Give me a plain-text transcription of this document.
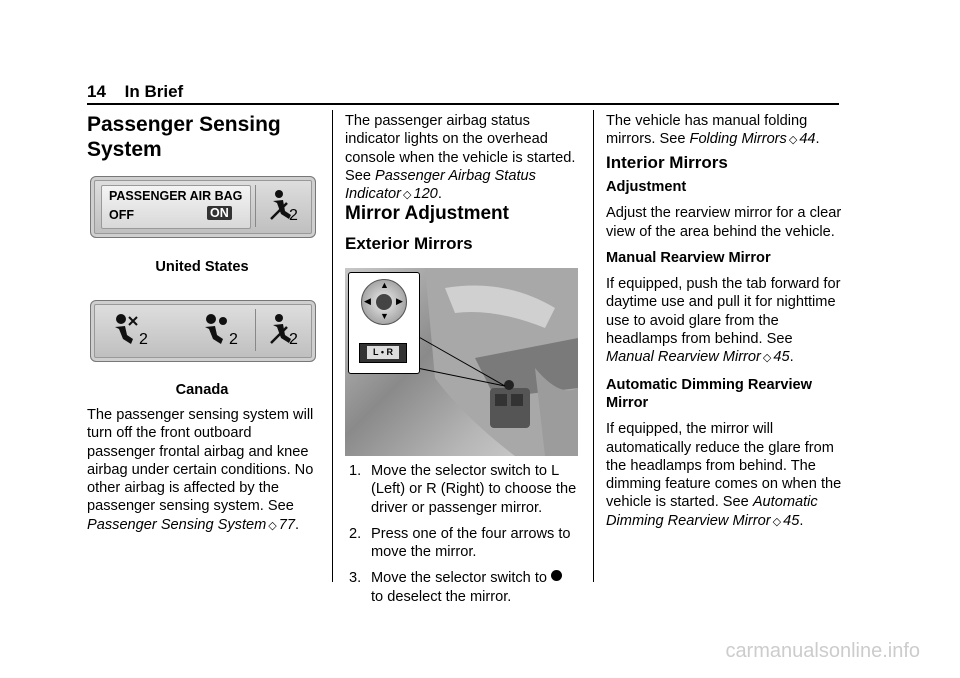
14 In Brief
Passenger Sensing System
PASSENGER AIR BAG
OFF	ON	2
United States
2	2	2
Canada
The passenger sensing system will turn off the front outboard passenger frontal airbag and knee airbag under certain conditions. No other airbag is affected by the passenger sensing system. See Passenger Sensing System ◇ 77.
The passenger airbag status indicator lights on the overhead console when the vehicle is started. See Passenger Airbag Status Indicator ◇ 120.
Mirror Adjustment
Exterior Mirrors
▲
▼
◀	▶
L • R
1. Move the selector switch to L (Left) or R (Right) to choose the driver or passenger mirror.
2. Press one of the four arrows to move the mirror.
3. Move the selector switch to
to deselect the mirror.
The vehicle has manual folding mirrors. See Folding Mirrors ◇ 44.
Interior Mirrors

Adjustment

Adjust the rearview mirror for a clear view of the area behind the vehicle.

Manual Rearview Mirror

If equipped, push the tab forward for daytime use and pull it for nighttime use to avoid glare from the headlamps from behind. See Manual Rearview Mirror ◇ 45.

Automatic Dimming Rearview Mirror

If equipped, the mirror will automatically reduce the glare from the headlamps from behind. The dimming feature comes on when the vehicle is started. See Automatic Dimming Rearview Mirror ◇ 45.

carmanualsonline.info
